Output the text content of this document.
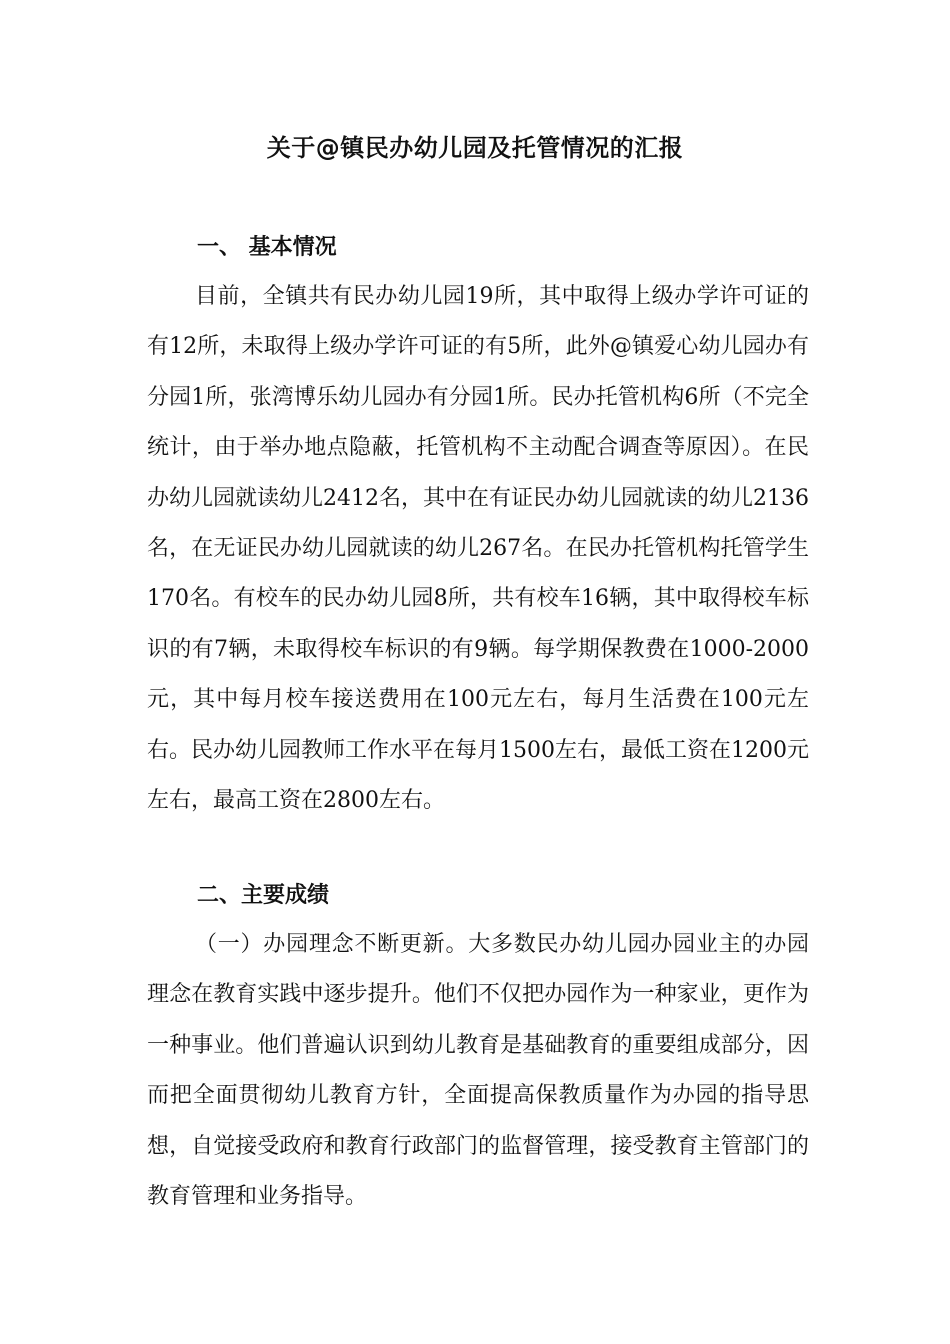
关于@镇民办幼儿园及托管情况的汇报
一、 基本情况

目前，全镇共有民办幼儿园19所，其中取得上级办学许可证的有12所，未取得上级办学许可证的有5所，此外@镇爱心幼儿园办有分园1所，张湾博乐幼儿园办有分园1所。民办托管机构6所（不完全统计，由于举办地点隐蔽，托管机构不主动配合调查等原因）。在民办幼儿园就读幼儿2412名，其中在有证民办幼儿园就读的幼儿2136名，在无证民办幼儿园就读的幼儿267名。在民办托管机构托管学生170名。有校车的民办幼儿园8所，共有校车16辆，其中取得校车标识的有7辆，未取得校车标识的有9辆。每学期保教费在1000-2000元，其中每月校车接送费用在100元左右，每月生活费在100元左右。民办幼儿园教师工作水平在每月1500左右，最低工资在1200元左右，最高工资在2800左右。

二、主要成绩

（一）办园理念不断更新。大多数民办幼儿园办园业主的办园理念在教育实践中逐步提升。他们不仅把办园作为一种家业，更作为一种事业。他们普遍认识到幼儿教育是基础教育的重要组成部分，因而把全面贯彻幼儿教育方针，全面提高保教质量作为办园的指导思想，自觉接受政府和教育行政部门的监督管理，接受教育主管部门的教育管理和业务指导。
